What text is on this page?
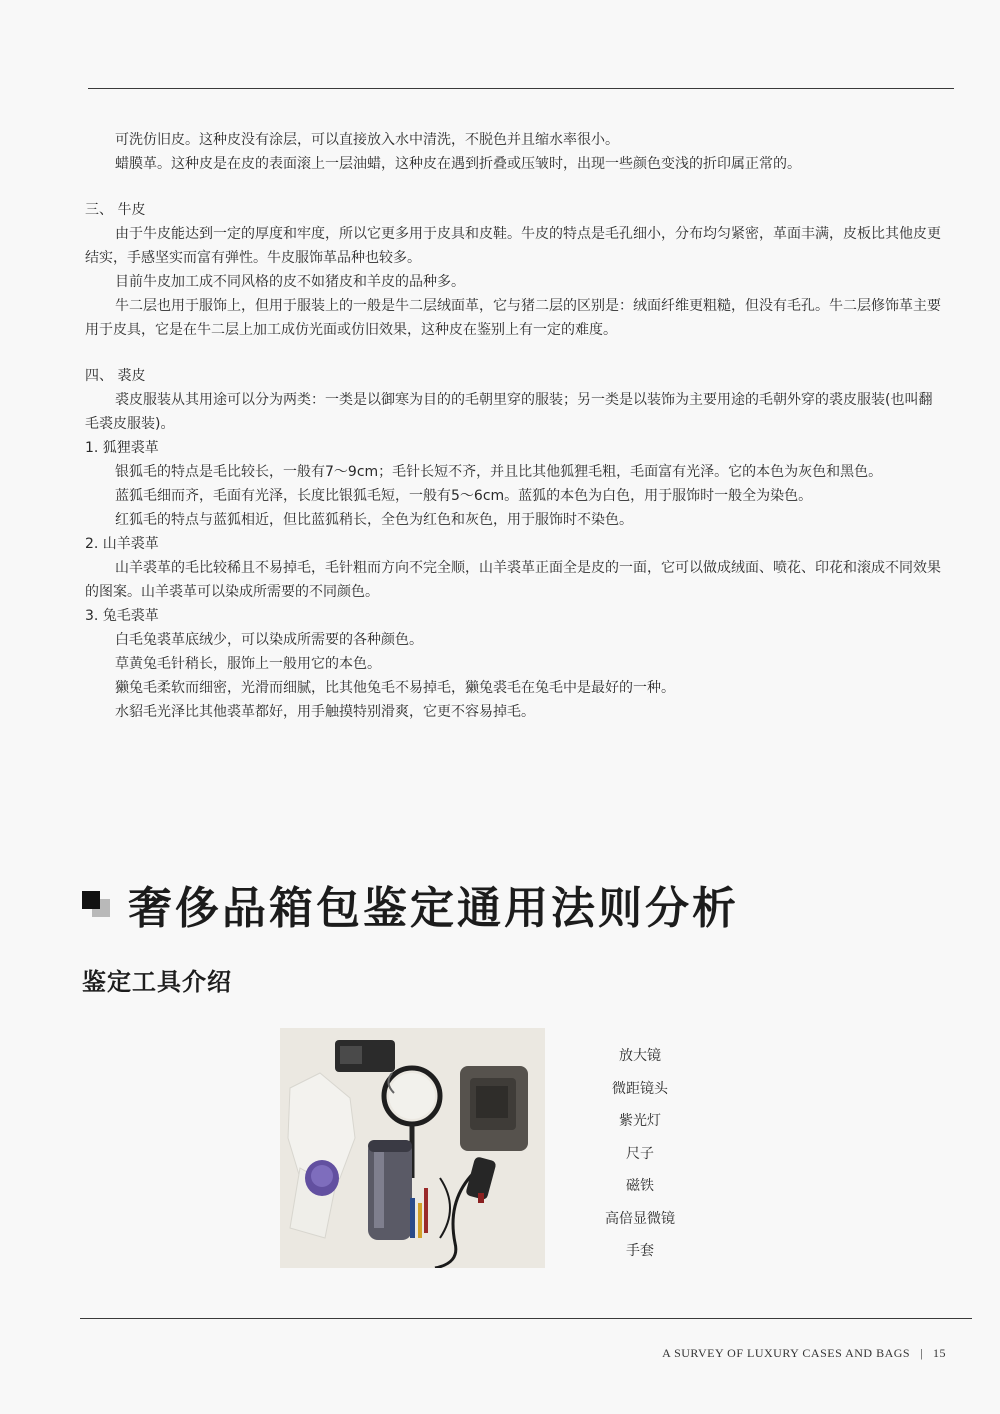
可洗仿旧皮。这种皮没有涂层，可以直接放入水中清洗，不脱色并且缩水率很小。

蜡膜革。这种皮是在皮的表面滚上一层油蜡，这种皮在遇到折叠或压皱时，出现一些颜色变浅的折印属正常的。

三、 牛皮

由于牛皮能达到一定的厚度和牢度，所以它更多用于皮具和皮鞋。牛皮的特点是毛孔细小，分布均匀紧密，革面丰满，皮板比其他皮更结实，手感坚实而富有弹性。牛皮服饰革品种也较多。

目前牛皮加工成不同风格的皮不如猪皮和羊皮的品种多。

牛二层也用于服饰上，但用于服装上的一般是牛二层绒面革，它与猪二层的区别是：绒面纤维更粗糙，但没有毛孔。牛二层修饰革主要用于皮具，它是在牛二层上加工成仿光面或仿旧效果，这种皮在鉴别上有一定的难度。

四、 裘皮

裘皮服装从其用途可以分为两类：一类是以御寒为目的的毛朝里穿的服装；另一类是以装饰为主要用途的毛朝外穿的裘皮服装(也叫翻毛裘皮服装)。

1. 狐狸裘革

银狐毛的特点是毛比较长，一般有7～9cm；毛针长短不齐，并且比其他狐狸毛粗，毛面富有光泽。它的本色为灰色和黑色。

蓝狐毛细而齐，毛面有光泽，长度比银狐毛短，一般有5～6cm。蓝狐的本色为白色，用于服饰时一般全为染色。

红狐毛的特点与蓝狐相近，但比蓝狐稍长，全色为红色和灰色，用于服饰时不染色。

2. 山羊裘革

山羊裘革的毛比较稀且不易掉毛，毛针粗而方向不完全顺，山羊裘革正面全是皮的一面，它可以做成绒面、喷花、印花和滚成不同效果的图案。山羊裘革可以染成所需要的不同颜色。

3. 兔毛裘革

白毛兔裘革底绒少，可以染成所需要的各种颜色。

草黄兔毛针稍长，服饰上一般用它的本色。

獭兔毛柔软而细密，光滑而细腻，比其他兔毛不易掉毛，獭兔裘毛在兔毛中是最好的一种。

水貂毛光泽比其他裘革都好，用手触摸特别滑爽，它更不容易掉毛。

奢侈品箱包鉴定通用法则分析
鉴定工具介绍
放大镜
微距镜头
紫光灯
尺子
磁铁
高倍显微镜
手套
A SURVEY OF LUXURY CASES AND BAGS | 15
